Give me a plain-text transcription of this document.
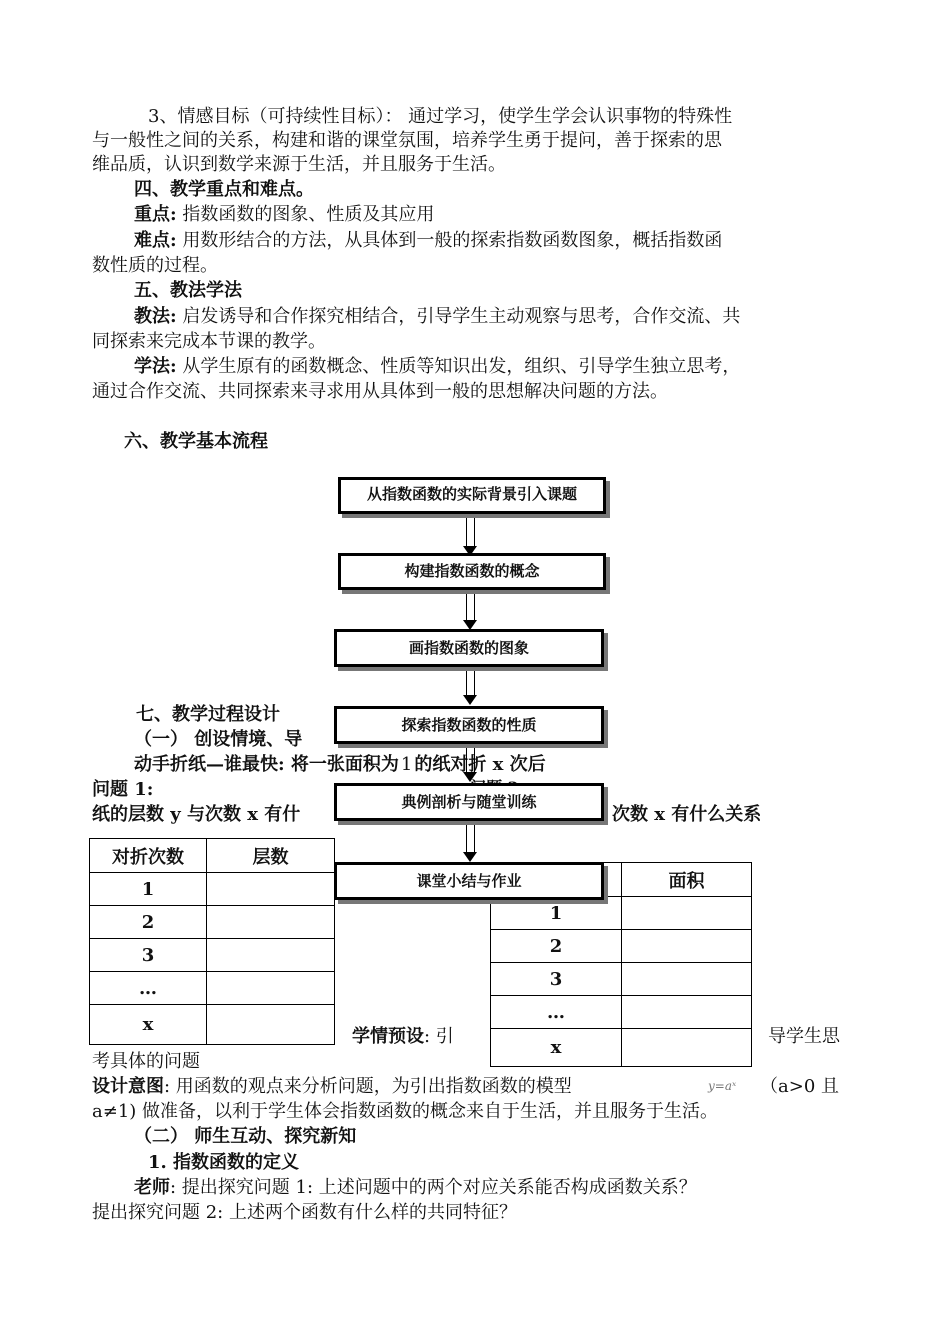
3、情感目标（可持续性目标）： 通过学习，使学生学会认识事物的特殊性
与一般性之间的关系，构建和谐的课堂氛围，培养学生勇于提问，善于探索的思
维品质，认识到数学来源于生活，并且服务于生活。
四、教学重点和难点。
重点: 指数函数的图象、性质及其应用
难点: 用数形结合的方法，从具体到一般的探索指数函数图象，概括指数函
数性质的过程。
五、教法学法
教法: 启发诱导和合作探究相结合，引导学生主动观察与思考，合作交流、共
同探索来完成本节课的教学。
学法: 从学生原有的函数概念、性质等知识出发，组织、引导学生独立思考，
通过合作交流、共同探索来寻求用从具体到一般的思想解决问题的方法。
六、教学基本流程
七、教学过程设计
（一） 创设情境、导
动手折纸—谁最快: 将一张面积为 1 的纸对折 x 次后
问题 1:
纸的层数 y 与次数 x 有什	次数 x 有什么关系
对折次数	层数
1	
2	
3	
…	
x	
	面积
1	
2	
3	
…	
x	
学情预设: 引	导学生思
考具体的问题
设计意图: 用函数的观点来分析问题，为引出指数函数的模型	y=aˣ （a>0 且
a≠1) 做准备，以利于学生体会指数函数的概念来自于生活，并且服务于生活。
（二） 师生互动、探究新知
1. 指数函数的定义
老师: 提出探究问题 1: 上述问题中的两个对应关系能否构成函数关系？
提出探究问题 2: 上述两个函数有什么样的共同特征？
从指数函数的实际背景引入课题
构建指数函数的概念
画指数函数的图象
探索指数函数的性质
典例剖析与随堂训练
课堂小结与作业
